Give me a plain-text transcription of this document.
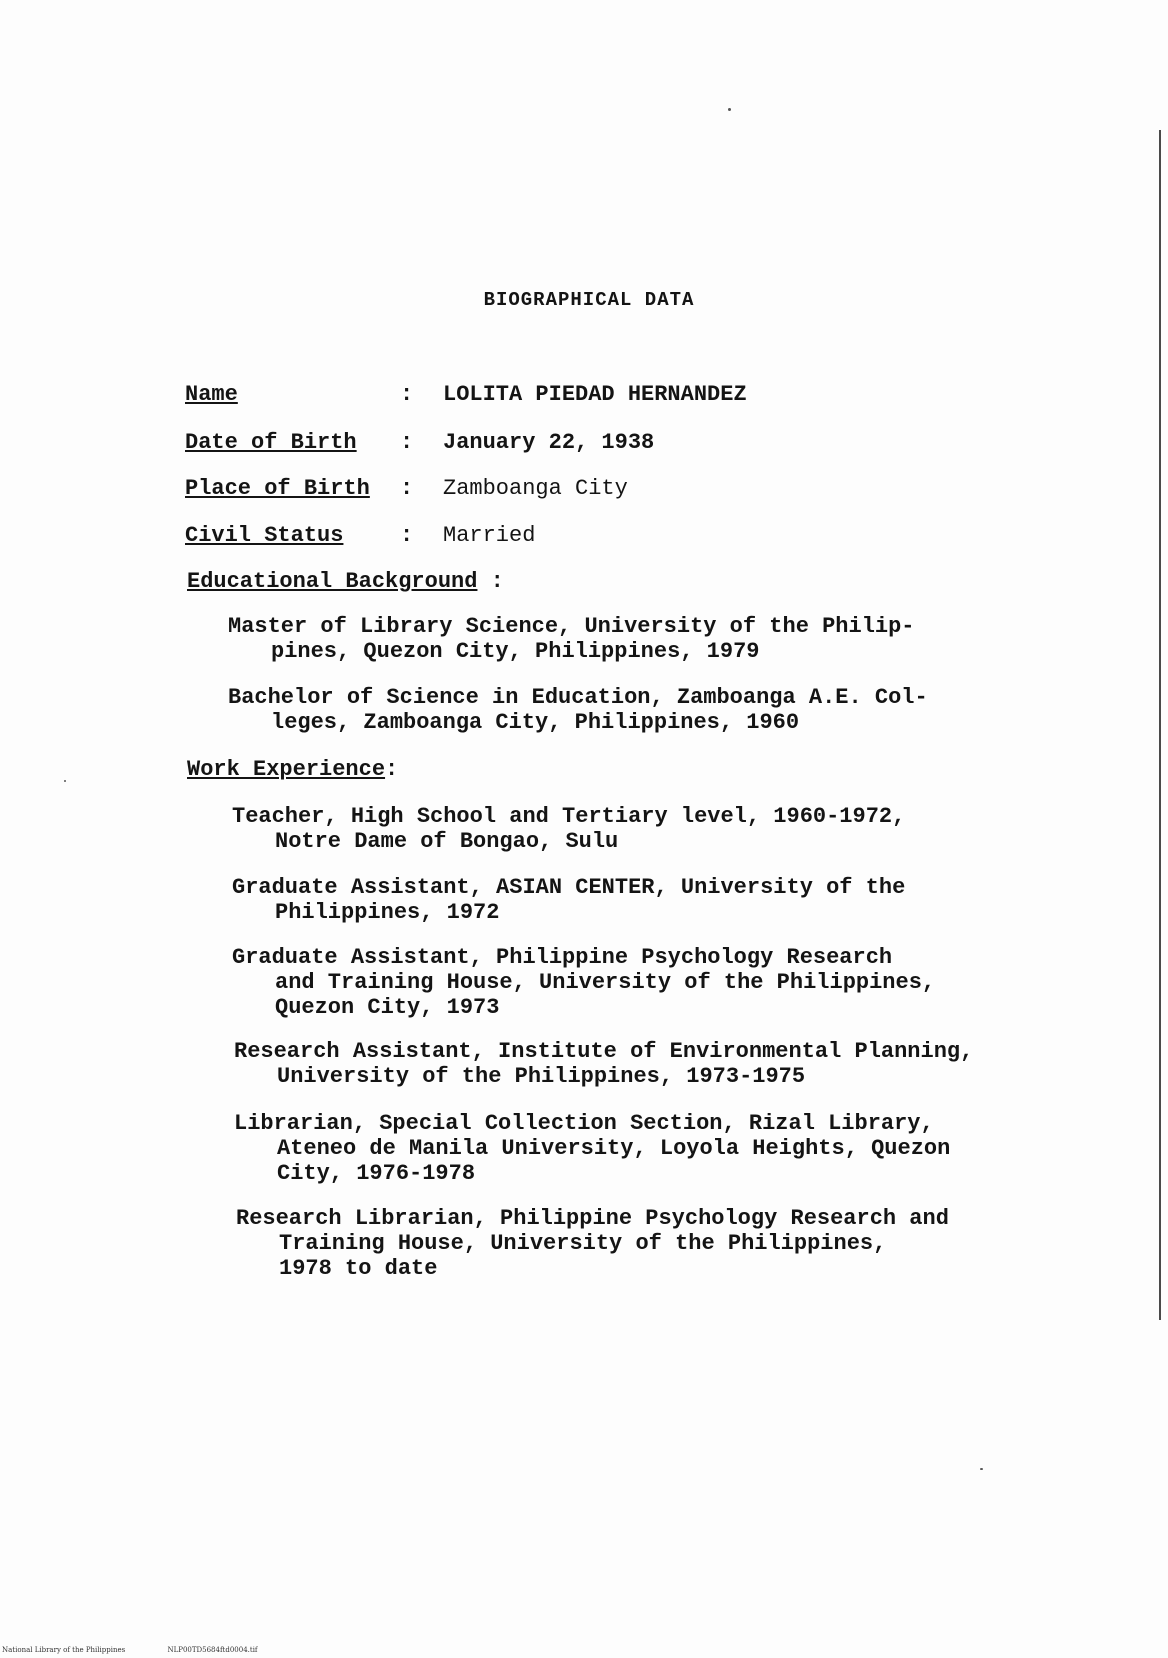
BIOGRAPHICAL DATA
Name	: LOLITA PIEDAD HERNANDEZ
Date of Birth : January 22, 1938
Place of Birth : Zamboanga City
Civil Status	: Married
Educational Background :
Master of Library Science, University of the Philip-
pines, Quezon City, Philippines, 1979
Bachelor of Science in Education, Zamboanga A.E. Col-
leges, Zamboanga City, Philippines, 1960
Work Experience:
Teacher, High School and Tertiary level, 1960-1972,
Notre Dame of Bongao, Sulu
Graduate Assistant, ASIAN CENTER, University of the
Philippines, 1972
Graduate Assistant, Philippine Psychology Research
and Training House, University of the Philippines,
Quezon City, 1973
Research Assistant, Institute of Environmental Planning,
University of the Philippines, 1973-1975
Librarian, Special Collection Section, Rizal Library,
Ateneo de Manila University, Loyola Heights, Quezon
City, 1976-1978
Research Librarian, Philippine Psychology Research and
Training House, University of the Philippines,
1978 to date
National Library of the Philippines	NLP00TD5684ftd0004.tif
